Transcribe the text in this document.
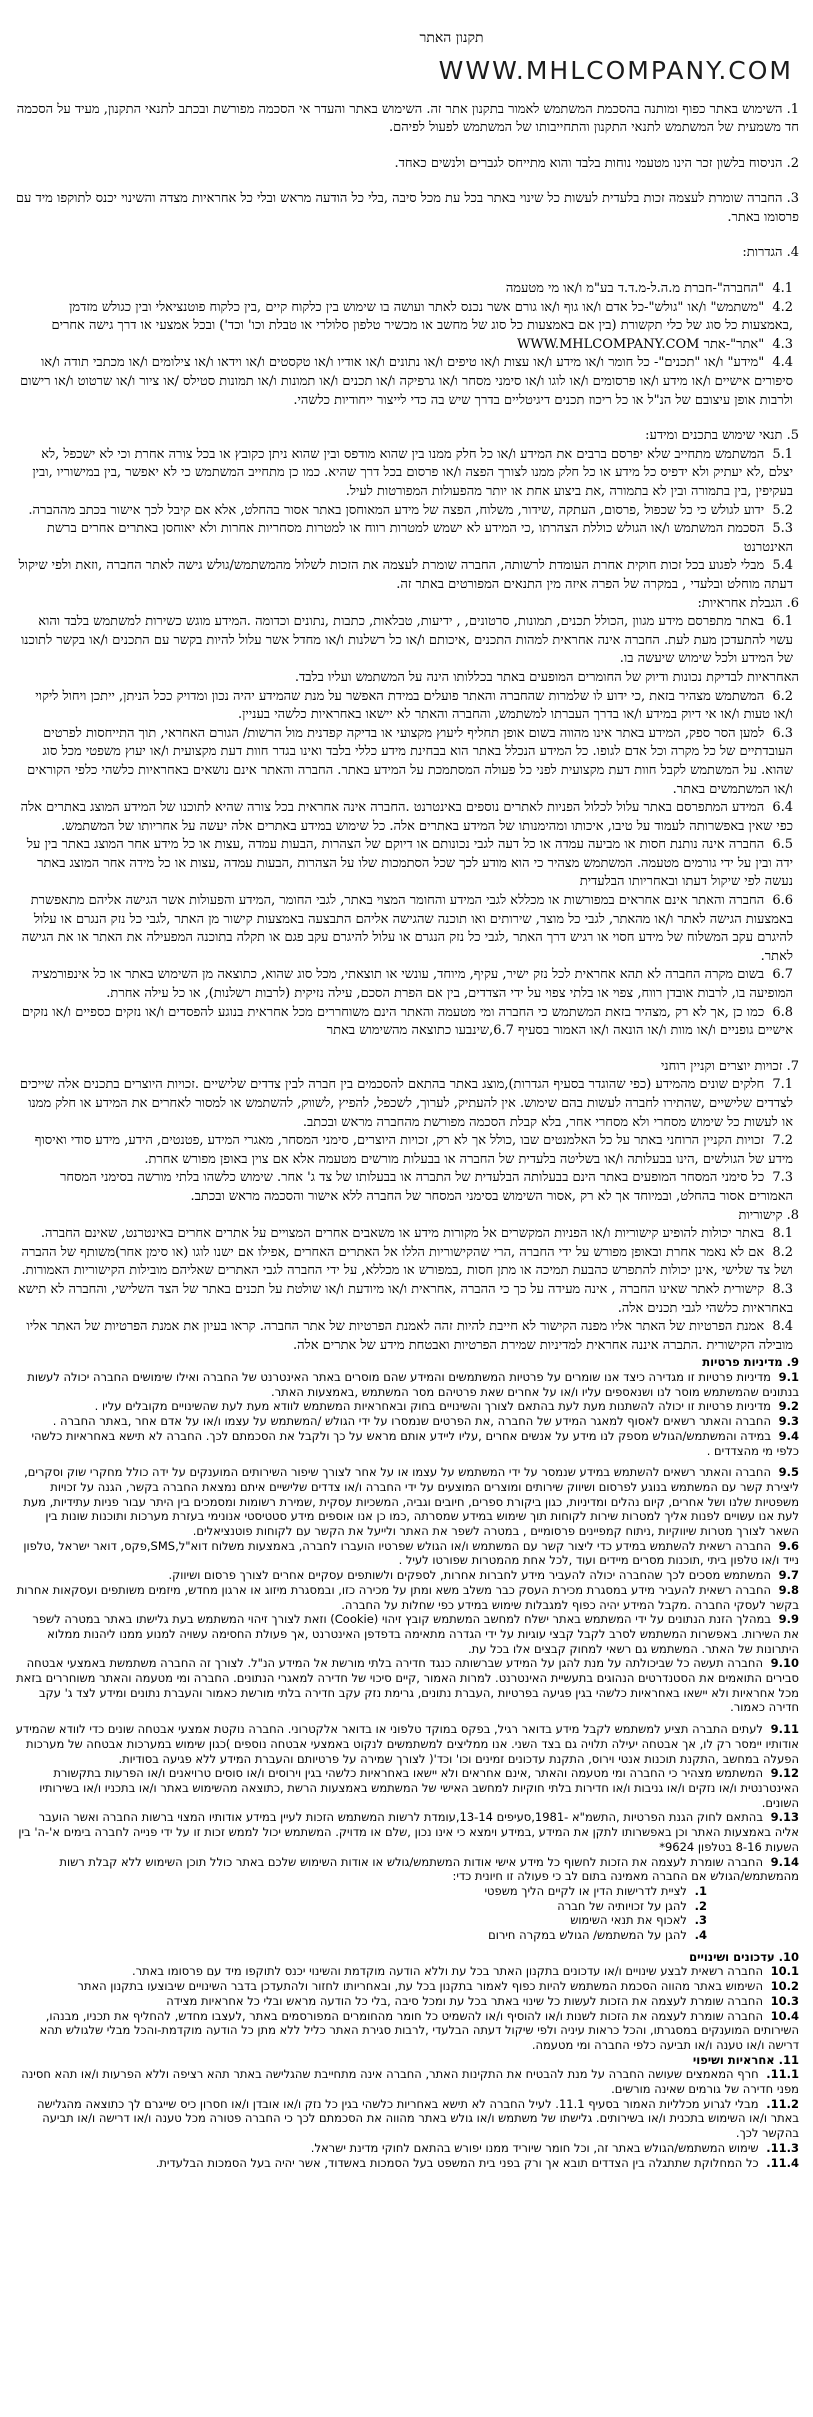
תקנון האתר
WWW.MHLCOMPANY.COM

1. השימוש באתר כפוף ומותנה בהסכמת המשתמש לאמור בתקנון אתר זה. השימוש באתר והעדר אי הסכמה מפורשת ובכתב לתנאי התקנון, מעיד על הסכמה חד משמעית של המשתמש לתנאי התקנון והתחייבותו של המשתמש לפעול לפיהם.

2. הניסוח בלשון זכר הינו מטעמי נוחות בלבד והוא מתייחס לגברים ולנשים כאחד.

3. החברה שומרת לעצמה זכות בלעדית לעשות כל שינוי באתר בכל עת מכל סיבה ,בלי כל הודעה מראש ובלי כל אחראיות מצדה והשינוי יכנס לתוקפו מיד עם פרסומו באתר.

4. הגדרות:

4.1 "החברה"-חברת מ.ה.ל-מ.ד.ד בע"מ ו/או מי מטעמה

4.2 "משתמש" ו/או "גולש"-כל אדם ו/או גוף ו/או גורם אשר נכנס לאתר ועושה בו שימוש בין כלקוח קיים ,בין כלקוח פוטנציאלי ובין כגולש מזדמן ,באמצעות כל סוג של כלי תקשורת (בין אם באמצעות כל סוג של מחשב או מכשיר טלפון סלולרי או טבלת וכו' וכד') ובכל אמצעי או דרך גישה אחרים

4.3 "אתר"-אתר WWW.MHLCOMPANY.COM

4.4 "מידע" ו/או "תכנים"- כל חומר ו/או מידע ו/או עצות ו/או טיפים ו/או נתונים ו/או אודיו ו/או טקסטים ו/או וידאו ו/או צילומים ו/או מכתבי תודה ו/או סיפורים אישיים ו/או מידע ו/או פרסומים ו/או לוגו ו/או סימני מסחר ו/או גרפיקה ו/או תכנים ו/או תמונות ו/או תמונות סטילס /או ציור ו/או שרטוט ו/או רישום ולרבות אופן עיצובם של הנ"ל או כל ריכוז תכנים דיגיטליים בדרך שיש בה כדי לייצור ייחודיות כלשהי.

5. תנאי שימוש בתכנים ומידע:

5.1 המשתמש מתחייב שלא יפרסם ברבים את המידע ו/או כל חלק ממנו בין שהוא מודפס ובין שהוא ניתן כקובץ או בכל צורה אחרת וכי לא ישכפל ,לא יצלם ,לא יעתיק ולא ידפיס כל מידע או כל חלק ממנו לצורך הפצה ו/או פרסום בכל דרך שהיא. כמו כן מתחייב המשתמש כי לא יאפשר ,בין במישוריו ,ובין בעקיפין ,בין בתמורה ובין לא בתמורה ,את ביצוע אחת או יותר מהפעולות המפורטות לעיל.

5.2 ידוע לגולש כי כל שכפול ,פרסום, העתקה ,שידור, משלוח, הפצה של מידע המאוחסן באתר אסור בהחלט, אלא אם קיבל לכך אישור בכתב מההברה.

5.3 הסכמת המשתמש ו/או הגולש כוללת הצהרתו ,כי המידע לא ישמש למטרות רווח או למטרות מסחריות אחרות ולא יאוחסן באתרים אחרים ברשת האינטרנט

5.4 מבלי לפגוע בכל זכות חוקית אחרת העומדת לרשותה, החברה שומרת לעצמה את הזכות לשלול מהמשתמש/גולש גישה לאתר החברה ,וזאת ולפי שיקול דעתה מוחלט ובלעדי , במקרה של הפרה איזה מין התנאים המפורטים באתר זה.

6. הגבלת אחראיות:

6.1 באתר מתפרסם מידע מגוון ,הכולל תכנים, תמונות, סרטונים, , ידיעות, טבלאות, כתבות ,נתונים וכדומה .המידע מוגש כשירות למשתמש בלבד והוא עשוי להתעדכן מעת לעת. החברה אינה אחראית למהות התכנים ,איכותם ו/או כל רשלנות ו/או מחדל אשר עלול להיות בקשר עם התכנים ו/או בקשר לתוכנו של המידע ולכל שימוש שיעשה בו.

האחראיות לבדיקת נכונות ודיוק של החומרים המופעים באתר בכללותו הינה על המשתמש ועליו בלבד.

6.2 המשתמש מצהיר בזאת ,כי ידוע לו שלמרות שהחברה והאתר פועלים במידת האפשר על מנת שהמידע יהיה נכון ומדויק ככל הניתן, ייתכן ויחול ליקוי ו/או טעות ו/או אי דיוק במידע ו/או בדרך העברתו למשתמש, והחברה והאתר לא יישאו באחראיות כלשהי בעניין.

6.3 למען הסר ספק, המידע באתר אינו מהווה בשום אופן תחליף ליעוץ מקצועי או בדיקה קפדנית מול הרשות/ הגורם האחראי, תוך התייחסות לפרטים העובדתיים של כל מקרה וכל אדם לגופו. כל המידע הנכלל באתר הוא בבחינת מידע כללי בלבד ואינו בגדר חוות דעת מקצועית ו/או יעוץ משפטי מכל סוג שהוא. על המשתמש לקבל חוות דעת מקצועית לפני כל פעולה המסתמכת על המידע באתר. החברה והאתר אינם נושאים באחראיות כלשהי כלפי הקוראים ו/או המשתמשים באתר.

6.4 המידע המתפרסם באתר עלול לכלול הפניות לאתרים נוספים באינטרנט .החברה אינה אחראית בכל צורה שהיא לתוכנו של המידע המוצג באתרים אלה כפי שאין באפשרותה לעמוד על טיבו, איכותו ומהימנותו של המידע באתרים אלה. כל שימוש במידע באתרים אלה יעשה על אחריותו של המשתמש.

6.5 החברה אינה נותנת חסות או מביעה עמדה או כל דעה לגבי נכונותם או דיוקם של הצהרות ,הבעות עמדה ,עצות או כל מידע אחר המוצג באתר בין על ידה ובין על ידי גורמים מטעמה. המשתמש מצהיר כי הוא מודע לכך שכל הסתמכות שלו על הצהרות ,הבעות עמדה ,עצות או כל מידה אחר המוצג באתר נעשה לפי שיקול דעתו ובאחריותו הבלעדית

6.6 החברה והאתר אינם אחראים במפורשות או מכללא לגבי המידע והחומר המצוי באתר, לגבי החומר ,המידע והפעולות אשר הגישה אליהם מתאפשרת באמצעות הגישה לאתר ו/או מהאתר, לגבי כל מוצר, שירותים ואו תוכנה שהגישה אליהם התבצעה באמצעות קישור מן האתר ,לגבי כל נזק הנגרם או עלול להיגרם עקב המשלוח של מידע חסוי או רגיש דרך האתר ,לגבי כל נזק הנגרם או עלול להיגרם עקב פגם או תקלה בתוכנה המפעילה את האתר או את הגישה לאתר.

6.7 בשום מקרה החברה לא תהא אחראית לכל נזק ישיר, עקיף, מיוחד, עונשי או תוצאתי, מכל סוג שהוא, כתוצאה מן השימוש באתר או כל אינפורמציה המופיעה בו, לרבות אובדן רווח, צפוי או בלתי צפוי על ידי הצדדים, בין אם הפרת הסכם, עילה נזיקית (לרבות רשלנות), או כל עילה אחרת.

6.8 כמו כן ,אך לא רק ,מצהיר בזאת המשתמש כי החברה ומי מטעמה והאתר הינם משוחררים מכל אחראית בנוגע להפסדים ו/או נזקים כספיים ו/או נזקים אישיים גופניים ו/או מוות ו/או הונאה ו/או האמור בסעיף 6.7,שינבעו כתוצאה מהשימוש באתר

7. זכויות יוצרים וקניין רוחני

7.1 חלקים שונים מהמידע (כפי שהוגדר בסעיף הגדרות),מוצג באתר בהתאם להסכמים בין חברה לבין צדדים שלישיים .זכויות היוצרים בתכנים אלה שייכים לצדדים שלישיים ,שהתירו לחברה לעשות בהם שימוש. אין להעתיק, לערוך, לשכפל, להפיץ ,לשווק, להשתמש או למסור לאחרים את המידע או חלק ממנו או לעשות כל שימוש מסחרי ולא מסחרי אחר, בלא קבלת הסכמה מפורשת מהחברה מראש ובכתב.

7.2 זכויות הקניין הרוחני באתר על כל האלמנטים שבו ,כולל אך לא רק, זכויות היוצרים, סימני המסחר, מאגרי המידע ,פטנטים, הידע, מידע סודי ואיסוף מידע של הגולשים ,הינו בבעלותה ו/או בשליטה בלעדית של החברה או בבעלות מורשים מטעמה אלא אם צוין באופן מפורש אחרת.

7.3 כל סימני המסחר המופעים באתר הינם בבעלותה הבלעדית של התברה או בבעלותו של צד ג' אחר. שימוש כלשהו בלתי מורשה בסימני המסחר האמורים אסור בהחלט, ובמיוחד אך לא רק ,אסור השימוש בסימני המסחר של החברה ללא אישור והסכמה מראש ובכתב.

8. קישוריות

8.1 באתר יכולות להופיע קישוריות ו/או הפניות המקשרים אל מקורות מידע או משאבים אחרים המצויים על אתרים אחרים באינטרנט, שאינם החברה.

8.2 אם לא נאמר אחרת ובאופן מפורש על ידי החברה ,הרי שהקישוריות הללו אל האתרים האחרים ,אפילו אם ישנו לוגו (או סימן אחר)משותף של ההברה ושל צד שלישי ,אינן יכולות להתפרש כהבעת תמיכה או מתן חסות ,במפורש או מכללא, על ידי החברה לגבי האתרים שאליהם מובילות הקישוריות האמורות.

8.3 קישורית לאתר שאינו החברה , אינה מעידה על כך כי ההברה ,אחראית ו/או מיודעת ו/או שולטת על תכנים באתר של הצד השלישי, והחברה לא תישא באחראיות כלשהי לגבי תכנים אלה.

8.4 אמנת הפרטיות של האתר אליו מפנה הקישור לא חייבת להיות זהה לאמנת הפרטיות של אתר החברה. קראו בעיון את אמנת הפרטיות של האתר אליו מובילה הקישורית .התברה איננה אחראית למדיניות שמירת הפרטיות ואבטחת מידע של אתרים אלה.

9. מדיניות פרטיות

9.1 מדיניות פרטיות זו מגדירה כיצד אנו שומרים על פרטיות המשתמשים והמידע שהם מוסרים באתר האינטרנט של החברה ואילו שימושים החברה יכולה לעשות בנתונים שהמשתמש מוסר לנו ושנאספים עליו ו/או על אחרים שאת פרטיהם מסר המשתמש ,באמצעות האתר.

9.2 מדיניות פרטיות זו יכולה להשתנות מעת לעת בהתאם לצורך והשינויים בחוק ובאחראיות המשתמש לוודא מעת לעת שהשינויים מקובלים עליו .

9.3 החברה והאתר רשאים לאסוף למאגר המידע של החברה ,את הפרטים שנמסרו על ידי הגולש /המשתמש על עצמו ו/או על אדם אחר ,באתר החברה .

9.4 במידה והמשתמש/הגולש מספק לנו מידע על אנשים אחרים ,עליו ליידע אותם מראש על כך ולקבל את הסכמתם לכך. החברה לא תישא באחראיות כלשהי כלפי מי מהצדדים .

9.5 החברה והאתר רשאים להשתמש במידע שנמסר על ידי המשתמש על עצמו או על אחר לצורך שיפור השירותים המוענקים על ידה כולל מחקרי שוק וסקרים, ליצירת קשר עם המשתמש בנוגע לפרסום ושיווק שירותים ומוצרים המוצעים על ידי החברה ו/או צדדים שלישיים איתם נמצאת החברה בקשר, הגנה על זכויות משפטיות שלנו ושל אחרים, קיום נהלים ומדיניות, כגון ביקורת ספרים, חיובים וגביה, המשכיות עסקית ,שמירת רשומות ומסמכים בין היתר עבור פניות עתידיות, מעת לעת אנו עשויים לפנות אליך למטרות שירות לקוחות תוך שימוש במידע שמסרתה ,כמו כן אנו אוספים מידע סטטיסטי אנונימי בעזרת מערכות ותוכנות שונות בין השאר לצורך מטרות שיווקיות ,ניתוח קמפיינים פרסומיים , במטרה לשפר את האתר ולייעל את הקשר עם לקוחות פוטנציאלים.

9.6 החברה רשאית להשתמש במידע כדי ליצור קשר עם המשתמש ו/או הגולש שפרטיו הועברו לחברה, באמצעות משלוח דוא"ל,SMS,פקס, דואר ישראל ,טלפון נייד ו/או טלפון ביתי ,תוכנות מסרים מיידים ועוד ,לכל אחת מהמטרות שפורטו לעיל .

9.7 המשתמש מסכים לכך שהחברה יכולה להעביר מידע לחברות אחרות, לספקים ולשותפים עסקיים אחרים לצורך פרסום ושיווק.

9.8 החברה רשאית להעביר מידע במסגרת מכירת העסק כבר משלב משא ומתן על מכירה כזו, ובמסגרת מיזוג או ארגון מחדש, מיזמים משותפים ועסקאות אחרות בקשר לעסקי החברה .מקבל המידע יהיה כפוף למגבלות שימוש במידע כפי שחלות על החברה.

9.9 במהלך הזנת הנתונים על ידי המשתמש באתר ישלח למחשב המשתמש קובץ זיהוי (Cookie) וזאת לצורך זיהוי המשתמש בעת גלישתו באתר במטרה לשפר את השירות. באפשרות המשתמש לסרב לקבל קבצי עוגיות על ידי הגדרה מתאימה בדפדפן האינטרנט ,אך פעולת החסימה עשויה למנוע ממנו ליהנות ממלוא היתרונות של האתר. המשתמש גם רשאי למחוק קבצים אלו בכל עת.

9.10 החברה תעשה כל שביכולתה על מנת להגן על המידע שברשותה כנגד חדירה בלתי מורשת אל המידע הנ"ל. לצורך זה החברה משתמשת באמצעי אבטחה סבירים התואמים את הסטנדרטים הנהוגים בתעשיית האינטרנט. למרות האמור ,קיים סיכוי של חדירה למאגרי הנתונים. החברה ומי מטעמה והאתר משוחררים בזאת מכל אחראיות ולא יישאו באחראיות כלשהי בגין פגיעה בפרטיות ,העברת נתונים, גרימת נזק עקב חדירה בלתי מורשת כאמור והעברת נתונים ומידע לצד ג' עקב חדירה כאמור.

9.11 לעתים התברה תציע למשתמש לקבל מידע בדואר רגיל, בפקס במוקד טלפוני או בדואר אלקטרוני. החברה נוקטת אמצעי אבטחה שונים כדי לוודא שהמידע אודותיו יימסר רק לו, אך אבטחה יעילה תלויה גם בצד השני. אנו ממליצים למשתמשים לנקוט באמצעי אבטחה נוספים )כגון שימוש במערכות אבטחה של מערכות הפעלה במחשב ,התקנת תוכנות אנטי וירוס, התקנת עדכונים זמינים וכו' וכד'( לצורך שמירה על פרטיותם והעברת המידע ללא פגיעה בסודיות.

9.12 המשתמש מצהיר כי החברה ומי מטעמה והאתר ,אינם אחראים ולא יישאו באחראיות כלשהי בגין וירוסים ו/או סוסים טרויאנים ו/או הפרעות בתקשורת האינטרנטית ו/או נזקים ו/או גניבות ו/או חדירות בלתי חוקיות למחשב האישי של המשתמש באמצעות הרשת ,כתוצאה מהשימוש באתר ו/או בתכניו ו/או בשירותיו השונים.

9.13 בהתאם לחוק הגנת הפרטיות ,התשמ"א -1981,סעיפים 13-14,עומדת לרשות המשתמש הזכות לעיין במידע אודותיו המצוי ברשות החברה ואשר הועבר אליה באמצעות האתר וכן באפשרותו לתקן את המידע ,במידע וימצא כי אינו נכון ,שלם או מדויק. המשתמש יכול לממש זכות זו על ידי פנייה לחברה בימים א'-ה' בין השעות 8-16 בטלפון 9624*

9.14 החברה שומרת לעצמה את הזכות לחשוף כל מידע אישי אודות המשתמש/גולש או אודות השימוש שלכם באתר כולל תוכן השימוש ללא קבלת רשות מהמשתמש/הגולש אם החברה מאמינה בתום לב כי פעולה זו חיונית כדי:

1. לציית לדרישות הדין או לקיים הליך משפטי

2. להגן על זכויותיה של חברה

3. לאכוף את תנאי השימוש

4. להגן על המשתמש/ הגולש במקרה חירום

10. עדכונים ושינויים

10.1 החברה רשאית לבצע שינויים ו/או עדכונים בתקנון האתר בכל עת וללא הודעה מוקדמת והשינוי יכנס לתוקפו מיד עם פרסומו באתר.

10.2 השימוש באתר מהווה הסכמת המשתמש להיות כפוף לאמור בתקנון בכל עת, ובאחריותו לחזור ולהתעדכן בדבר השינויים שיבוצעו בתקנון האתר

10.3 החברה שומרת לעצמה את הזכות לעשות כל שינוי באתר בכל עת ומכל סיבה ,בלי כל הודעה מראש ובלי כל אחראיות מצידה

10.4 החברה שומרת לעצמה את הזכות לשנות ו/או להוסיף ו/או להשמיט כל חומר מהחומרים המפורסמים באתר ,לעצבו מחדש, להחליף את תכניו, מבנהו, השירותים המוענקים במסגרתו, והכל כראות עיניה ולפי שיקול דעתה הבלעדי ,לרבות סגירת האתר כליל ללא מתן כל הודעה מוקדמת-והכל מבלי שלגולש תהא דרישה ו/או טענה ו/או תביעה כלפי החברה ומי מטעמה.

11. אחראיות ושיפוי

11.1. חרף המאמצים שעושה החברה על מנת להבטיח את התקינות האתר, החברה אינה מתחייבת שהגלישה באתר תהא רציפה וללא הפרעות ו/או תהא חסינה מפני חדירה של גורמים שאינה מורשים.

11.2. מבלי לגרוע מכלליות האמור בסעיף 11.1. לעיל החברה לא תישא באחריות כלשהי בגין כל נזק ו/או אובדן ו/או חסרון כיס שייגרם לך כתוצאה מהגלישה באתר ו/או השימוש בתכנית ו/או בשירותים. גלישתו של משתמש ו/או גולש באתר מהווה את הסכמתם לכך כי החברה פטורה מכל טענה ו/או דרישה ו/או תביעה בהקשר לכך.

11.3. שימוש המשתמש/הגולש באתר זה, וכל חומר שיוריד ממנו יפורש בהתאם לחוקי מדינת ישראל.

11.4. כל המחלוקת שתתגלה בין הצדדים תובא אך ורק בפני בית המשפט בעל הסמכות באשדוד, אשר יהיה בעל הסמכות הבלעדית.
